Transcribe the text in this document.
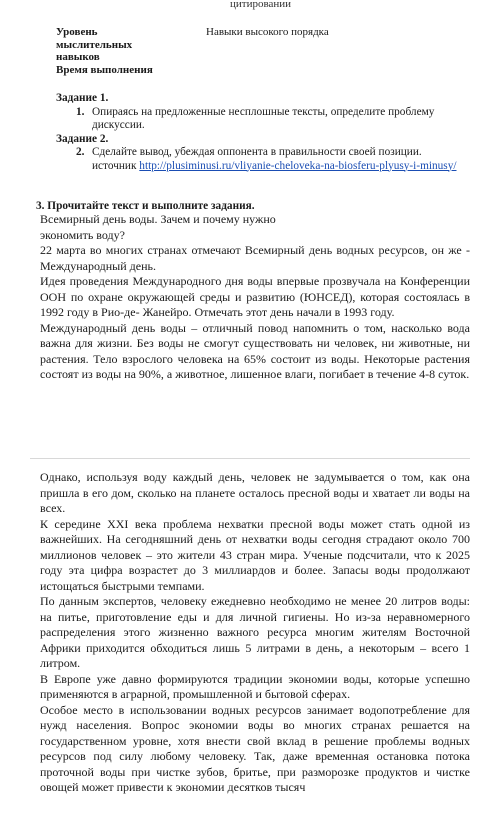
цитировании
Уровень
мыслительных
навыков
Время выполнения
Навыки высокого порядка
Задание 1.
1. Опираясь на предложенные несплошные тексты, определите проблему дискуссии.
Задание 2.
2. Сделайте вывод, убеждая оппонента в правильности своей позиции.
источник http://plusiminusi.ru/vliyanie-cheloveka-na-biosferu-plyusy-i-minusy/
3. Прочитайте текст и выполните задания.

Всемирный день воды. Зачем и почему нужно экономить воду?

22 марта во многих странах отмечают Всемирный день водных ресурсов, он же - Международный день.

Идея проведения Международного дня воды впервые прозвучала на Конференции ООН по охране окружающей среды и развитию (ЮНСЕД), которая состоялась в 1992 году в Рио-де- Жанейро. Отмечать этот день начали в 1993 году.

Международный день воды – отличный повод напомнить о том, насколько вода важна для жизни. Без воды не смогут существовать ни человек, ни животные, ни растения. Тело взрослого человека на 65% состоит из воды. Некоторые растения состоят из воды на 90%, а животное, лишенное влаги, погибает в течение 4-8 суток.

Однако, используя воду каждый день, человек не задумывается о том, как она пришла в его дом, сколько на планете осталось пресной воды и хватает ли воды на всех.

К середине XXI века проблема нехватки пресной воды может стать одной из важнейших. На сегодняшний день от нехватки воды сегодня страдают около 700 миллионов человек – это жители 43 стран мира. Ученые подсчитали, что к 2025 году эта цифра возрастет до 3 миллиардов и более. Запасы воды продолжают истощаться быстрыми темпами.

По данным экспертов, человеку ежедневно необходимо не менее 20 литров воды: на питье, приготовление еды и для личной гигиены. Но из-за неравномерного распределения этого жизненно важного ресурса многим жителям Восточной Африки приходится обходиться лишь 5 литрами в день, а некоторым – всего 1 литром.

В Европе уже давно формируются традиции экономии воды, которые успешно применяются в аграрной, промышленной и бытовой сферах.

Особое место в использовании водных ресурсов занимает водопотребление для нужд населения. Вопрос экономии воды во многих странах решается на государственном уровне, хотя внести свой вклад в решение проблемы водных ресурсов под силу любому человеку. Так, даже временная остановка потока проточной воды при чистке зубов, бритье, при разморозке продуктов и чистке овощей может привести к экономии десятков тысяч
